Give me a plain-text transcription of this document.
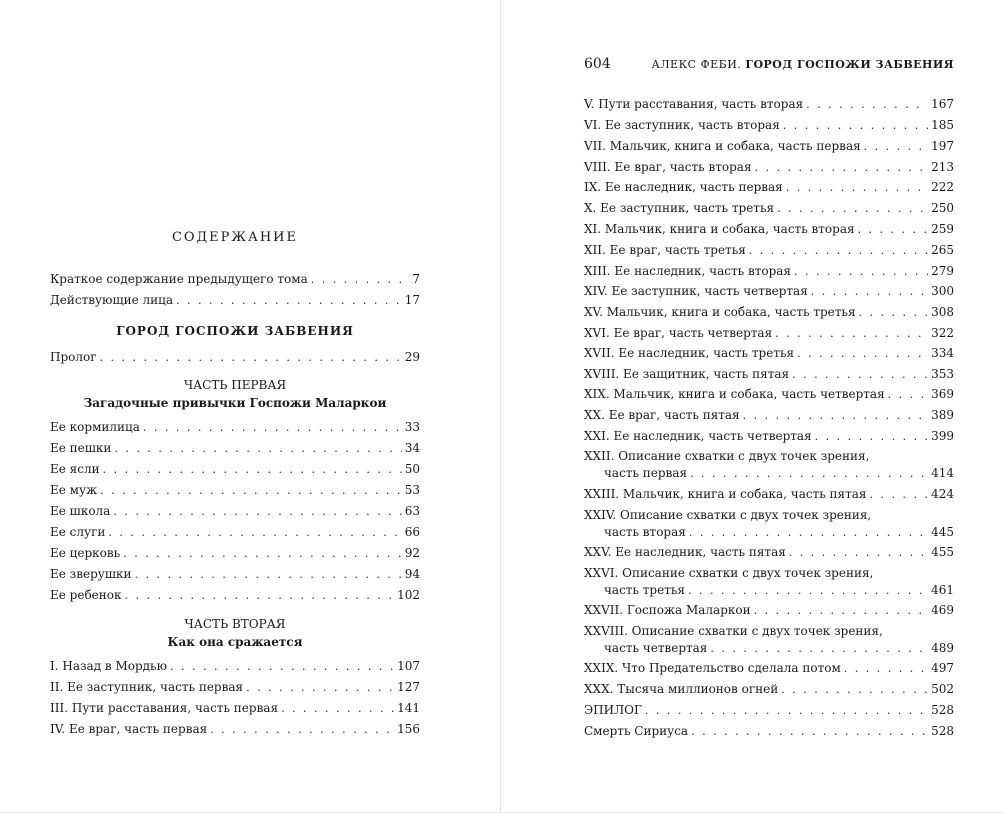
СОДЕРЖАНИЕ
Краткое содержание предыдущего тома . . .	7
Действующие лица . . .	17
ГОРОД ГОСПОЖИ ЗАБВЕНИЯ
Пролог . . .	29
ЧАСТЬ ПЕРВАЯ
Загадочные привычки Госпожи Маларкои
Ее кормилица . . .	33
Ее пешки . . .	34
Ее ясли . . .	50
Ее муж . . .	53
Ее школа . . .	63
Ее слуги . . .	66
Ее церковь . . .	92
Ее зверушки . . .	94
Ее ребенок . . .	102
ЧАСТЬ ВТОРАЯ
Как она сражается
I. Назад в Мордью . . .	107
II. Ее заступник, часть первая . . .	127
III. Пути расставания, часть первая . . .	141
IV. Ее враг, часть первая . . .	156
604	АЛЕКС ФЕБИ. ГОРОД ГОСПОЖИ ЗАБВЕНИЯ
V. Пути расставания, часть вторая . . .	167
VI. Ее заступник, часть вторая . . .	185
VII. Мальчик, книга и собака, часть первая . . .	197
VIII. Ее враг, часть вторая . . .	213
IX. Ее наследник, часть первая . . .	222
X. Ее заступник, часть третья . . .	250
XI. Мальчик, книга и собака, часть вторая . . .	259
XII. Ее враг, часть третья . . .	265
XIII. Ее наследник, часть вторая . . .	279
XIV. Ее заступник, часть четвертая . . .	300
XV. Мальчик, книга и собака, часть третья . . .	308
XVI. Ее враг, часть четвертая . . .	322
XVII. Ее наследник, часть третья . . .	334
XVIII. Ее защитник, часть пятая . . .	353
XIX. Мальчик, книга и собака, часть четвертая . . .	369
XX. Ее враг, часть пятая . . .	389
XXI. Ее наследник, часть четвертая . . .	399
XXII. Описание схватки с двух точек зрения,
часть первая . . .	414
XXIII. Мальчик, книга и собака, часть пятая . . .	424
XXIV. Описание схватки с двух точек зрения,
часть вторая . . .	445
XXV. Ее наследник, часть пятая . . .	455
XXVI. Описание схватки с двух точек зрения,
часть третья . . .	461
XXVII. Госпожа Маларкои . . .	469
XXVIII. Описание схватки с двух точек зрения,
часть четвертая . . .	489
XXIX. Что Предательство сделала потом . . .	497
XXX. Тысяча миллионов огней . . .	502
ЭПИЛОГ . . .	528
Смерть Сириуса . . .	528
